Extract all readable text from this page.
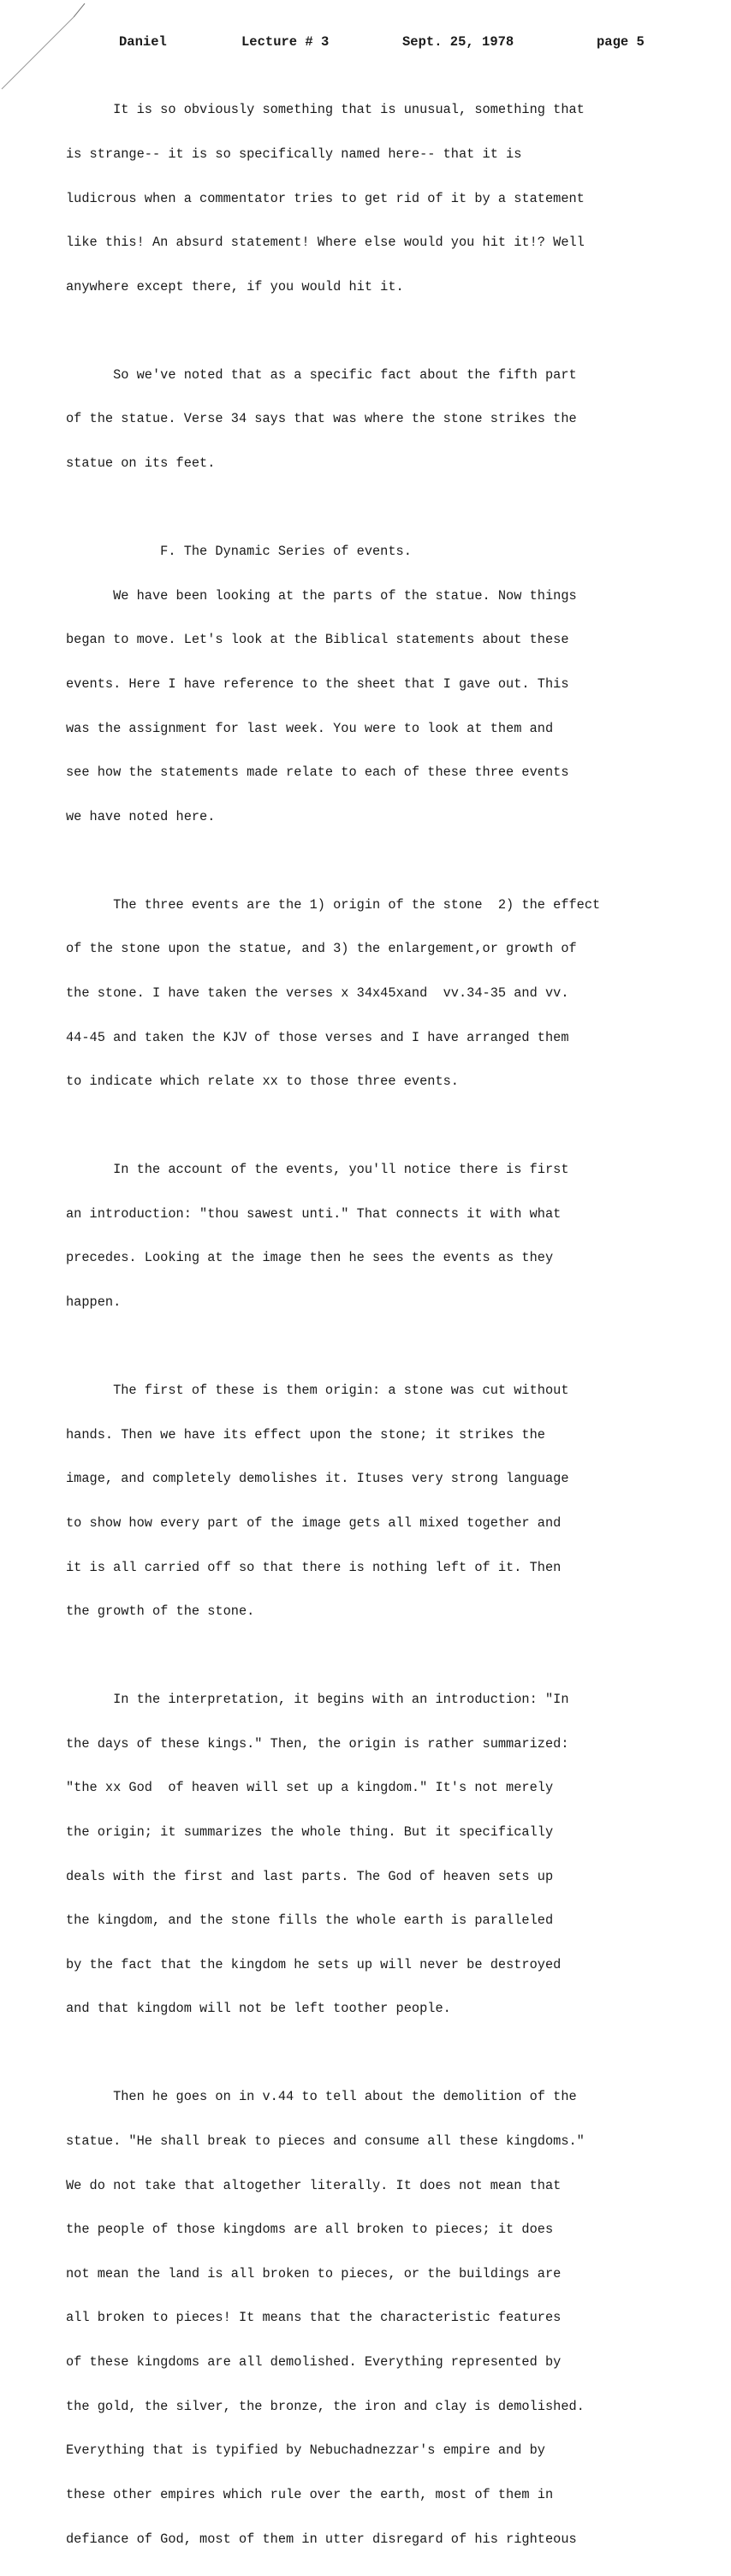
Daniel	Lecture # 3	Sept. 25, 1978	page 5

It is so obviously something that is unusual, something that

is strange-- it is so specifically named here-- that it is

ludicrous when a commentator tries to get rid of it by a statement

like this! An absurd statement! Where else would you hit it!? Well

anywhere except there, if you would hit it.

So we've noted that as a specific fact about the fifth part

of the statue. Verse 34 says that was where the stone strikes the

statue on its feet.

F. The Dynamic Series of events.

We have been looking at the parts of the statue. Now things

began to move. Let's look at the Biblical statements about these

events. Here I have reference to the sheet that I gave out. This

was the assignment for last week. You were to look at them and

see how the statements made relate to each of these three events

we have noted here.

The three events are the 1) origin of the stone  2) the effect

of the stone upon the statue, and 3) the enlargement,or growth of

the stone. I have taken the verses x 34x45xand  vv.34-35 and vv.

44-45 and taken the KJV of those verses and I have arranged them

to indicate which relate xx to those three events.

In the account of the events, you'll notice there is first

an introduction: "thou sawest unti." That connects it with what

precedes. Looking at the image then he sees the events as they

happen.

The first of these is them origin: a stone was cut without

hands. Then we have its effect upon the stone; it strikes the

image, and completely demolishes it. Ituses very strong language

to show how every part of the image gets all mixed together and

it is all carried off so that there is nothing left of it. Then

the growth of the stone.

In the interpretation, it begins with an introduction: "In

the days of these kings." Then, the origin is rather summarized:

"the xx God  of heaven will set up a kingdom." It's not merely

the origin; it summarizes the whole thing. But it specifically

deals with the first and last parts. The God of heaven sets up

the kingdom, and the stone fills the whole earth is paralleled

by the fact that the kingdom he sets up will never be destroyed

and that kingdom will not be left toother people.

Then he goes on in v.44 to tell about the demolition of the

statue. "He shall break to pieces and consume all these kingdoms."

We do not take that altogether literally. It does not mean that

the people of those kingdoms are all broken to pieces; it does

not mean the land is all broken to pieces, or the buildings are

all broken to pieces! It means that the characteristic features

of these kingdoms are all demolished. Everything represented by

the gold, the silver, the bronze, the iron and clay is demolished.

Everything that is typified by Nebuchadnezzar's empire and by

these other empires which rule over the earth, most of them in

defiance of God, most of them in utter disregard of his righteous
